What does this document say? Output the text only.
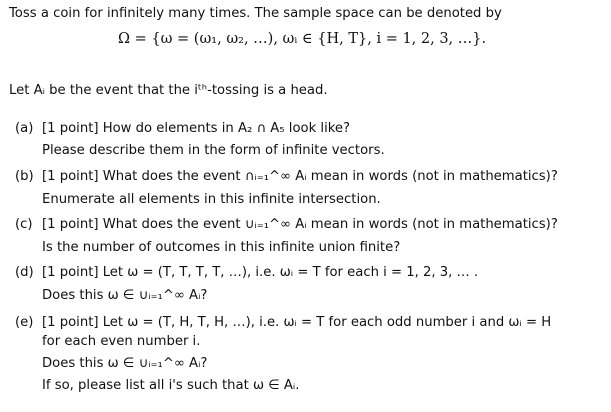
Toss a coin for infinitely many times. The sample space can be denoted by
Ω = {ω = (ω₁, ω₂, …), ωᵢ ∈ {H, T}, i = 1, 2, 3, …}.
Let Aᵢ be the event that the iᵗʰ-tossing is a head.
(a) [1 point] How do elements in A₂ ∩ A₅ look like?
Please describe them in the form of infinite vectors.
(b) [1 point] What does the event ∩ᵢ₌₁^∞ Aᵢ mean in words (not in mathematics)?
Enumerate all elements in this infinite intersection.
(c) [1 point] What does the event ∪ᵢ₌₁^∞ Aᵢ mean in words (not in mathematics)?
Is the number of outcomes in this infinite union finite?
(d) [1 point] Let ω = (T, T, T, T, …), i.e. ωᵢ = T for each i = 1, 2, 3, … .
Does this ω ∈ ∪ᵢ₌₁^∞ Aᵢ?
(e) [1 point] Let ω = (T, H, T, H, …), i.e. ωᵢ = T for each odd number i and ωᵢ = H
for each even number i.
Does this ω ∈ ∪ᵢ₌₁^∞ Aᵢ?
If so, please list all i's such that ω ∈ Aᵢ.
